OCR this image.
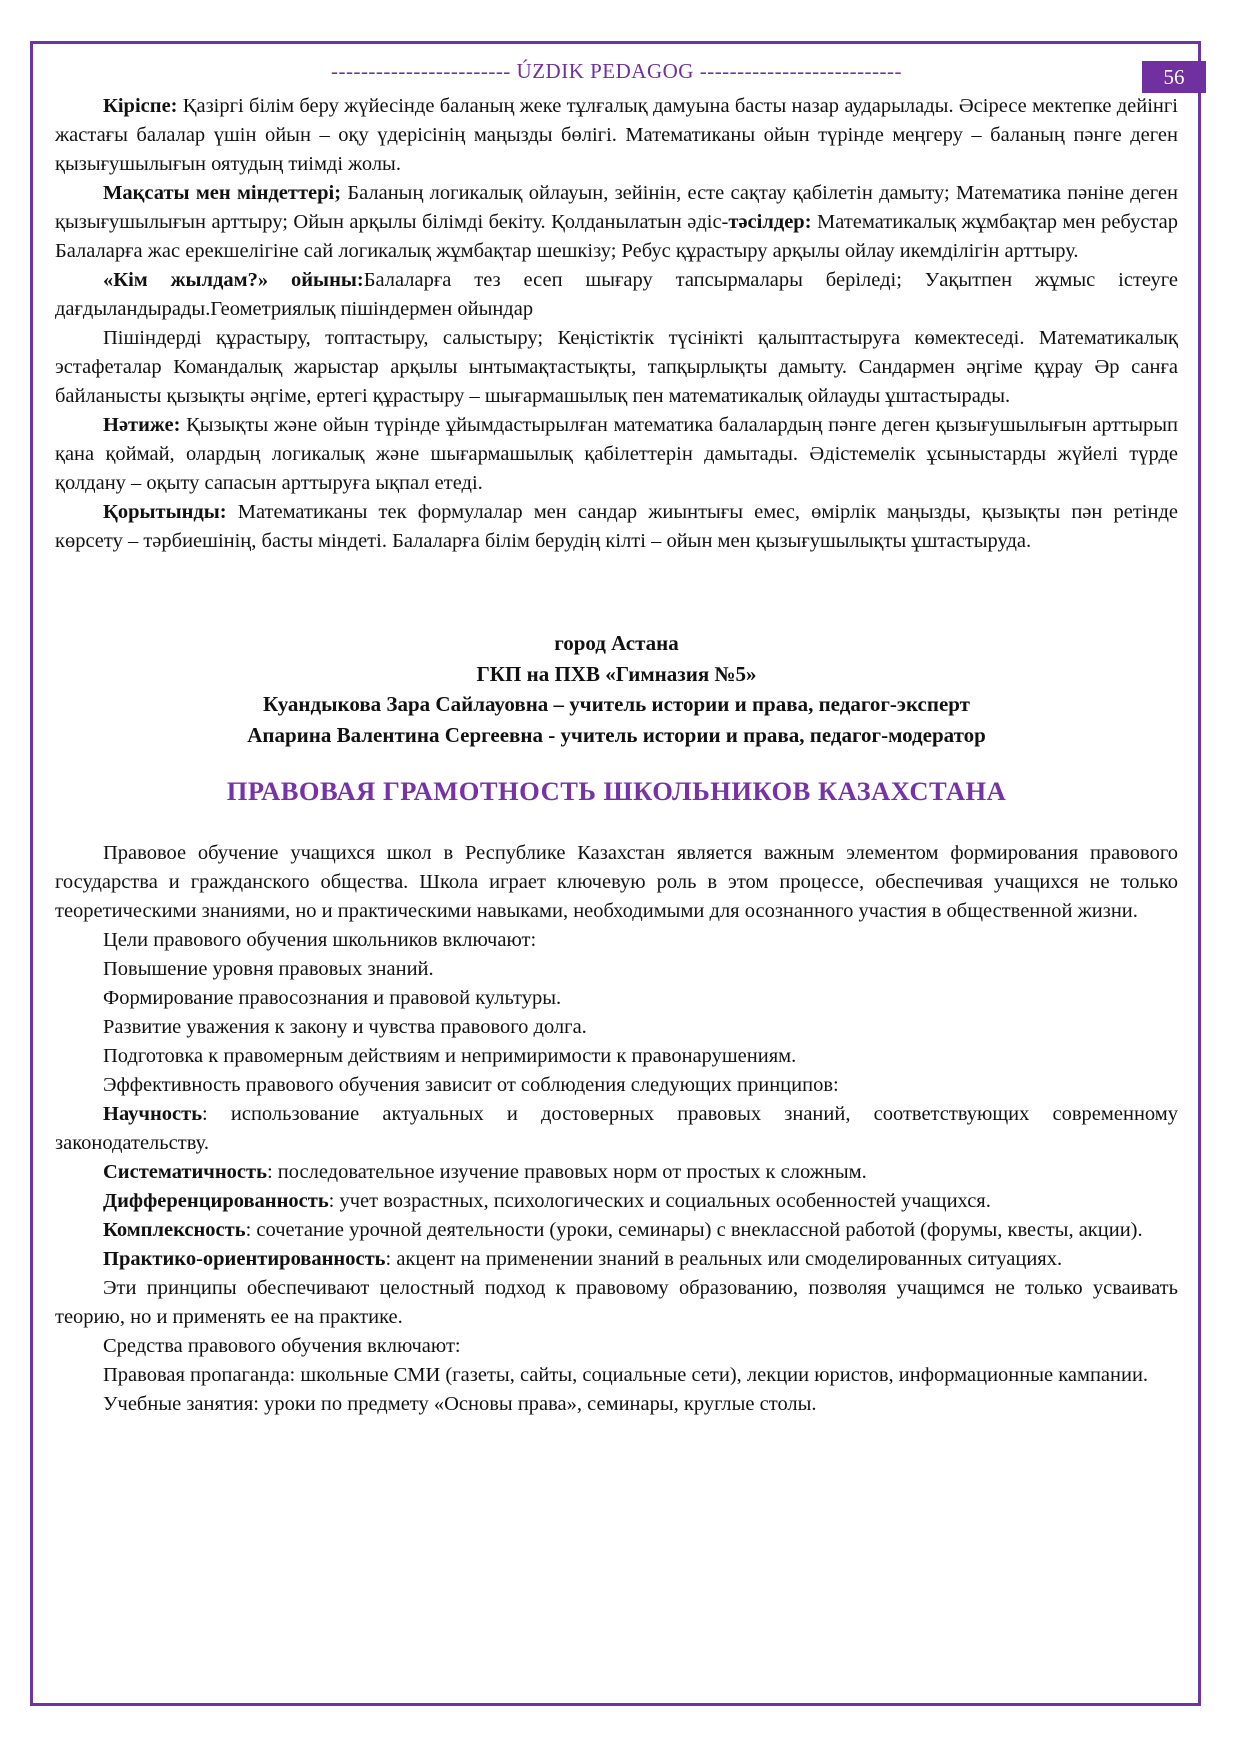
56
------------------------ ÚZDIK PEDAGOG ---------------------------

Кіріспе: Қазіргі білім беру жүйесінде баланың жеке тұлғалық дамуына басты назар аударылады. Әсіресе мектепке дейінгі жастағы балалар үшін ойын – оқу үдерісінің маңызды бөлігі. Математиканы ойын түрінде меңгеру – баланың пәнге деген қызығушылығын оятудың тиімді жолы.

Мақсаты мен міндеттері; Баланың логикалық ойлауын, зейінін, есте сақтау қабілетін дамыту; Математика пәніне деген қызығушылығын арттыру; Ойын арқылы білімді бекіту. Қолданылатын әдіс-тәсілдер: Математикалық жұмбақтар мен ребустар Балаларға жас ерекшелігіне сай логикалық жұмбақтар шешкізу; Ребус құрастыру арқылы ойлау икемділігін арттыру.

«Кім жылдам?» ойыны:Балаларға тез есеп шығару тапсырмалары беріледі; Уақытпен жұмыс істеуге дағдыландырады.Геометриялық пішіндермен ойындар

Пішіндерді құрастыру, топтастыру, салыстыру; Кеңістіктік түсінікті қалыптастыруға көмектеседі. Математикалық эстафеталар Командалық жарыстар арқылы ынтымақтастықты, тапқырлықты дамыту. Сандармен әңгіме құрау Әр санға байланысты қызықты әңгіме, ертегі құрастыру – шығармашылық пен математикалық ойлауды ұштастырады.

Нәтиже: Қызықты және ойын түрінде ұйымдастырылған математика балалардың пәнге деген қызығушылығын арттырып қана қоймай, олардың логикалық және шығармашылық қабілеттерін дамытады. Әдістемелік ұсыныстарды жүйелі түрде қолдану – оқыту сапасын арттыруға ықпал етеді.

Қорытынды: Математиканы тек формулалар мен сандар жиынтығы емес, өмірлік маңызды, қызықты пән ретінде көрсету – тәрбиешінің, басты міндеті. Балаларға білім берудің кілті – ойын мен қызығушылықты ұштастыруда.

город Астана
ГКП на ПХВ «Гимназия №5»
Куандыкова Зара Сайлауовна – учитель истории и права, педагог-эксперт
Апарина Валентина Сергеевна - учитель истории и права, педагог-модератор
ПРАВОВАЯ ГРАМОТНОСТЬ ШКОЛЬНИКОВ КАЗАХСТАНА

Правовое обучение учащихся школ в Республике Казахстан является важным элементом формирования правового государства и гражданского общества. Школа играет ключевую роль в этом процессе, обеспечивая учащихся не только теоретическими знаниями, но и практическими навыками, необходимыми для осознанного участия в общественной жизни.

Цели правового обучения школьников включают:

Повышение уровня правовых знаний.

Формирование правосознания и правовой культуры.

Развитие уважения к закону и чувства правового долга.

Подготовка к правомерным действиям и непримиримости к правонарушениям.

Эффективность правового обучения зависит от соблюдения следующих принципов:

Научность: использование актуальных и достоверных правовых знаний, соответствующих современному законодательству.

Систематичность: последовательное изучение правовых норм от простых к сложным.

Дифференцированность: учет возрастных, психологических и социальных особенностей учащихся.

Комплексность: сочетание урочной деятельности (уроки, семинары) с внеклассной работой (форумы, квесты, акции).

Практико-ориентированность: акцент на применении знаний в реальных или смоделированных ситуациях.

Эти принципы обеспечивают целостный подход к правовому образованию, позволяя учащимся не только усваивать теорию, но и применять ее на практике.

Средства правового обучения включают:

Правовая пропаганда: школьные СМИ (газеты, сайты, социальные сети), лекции юристов, информационные кампании.

Учебные занятия: уроки по предмету «Основы права», семинары, круглые столы.
